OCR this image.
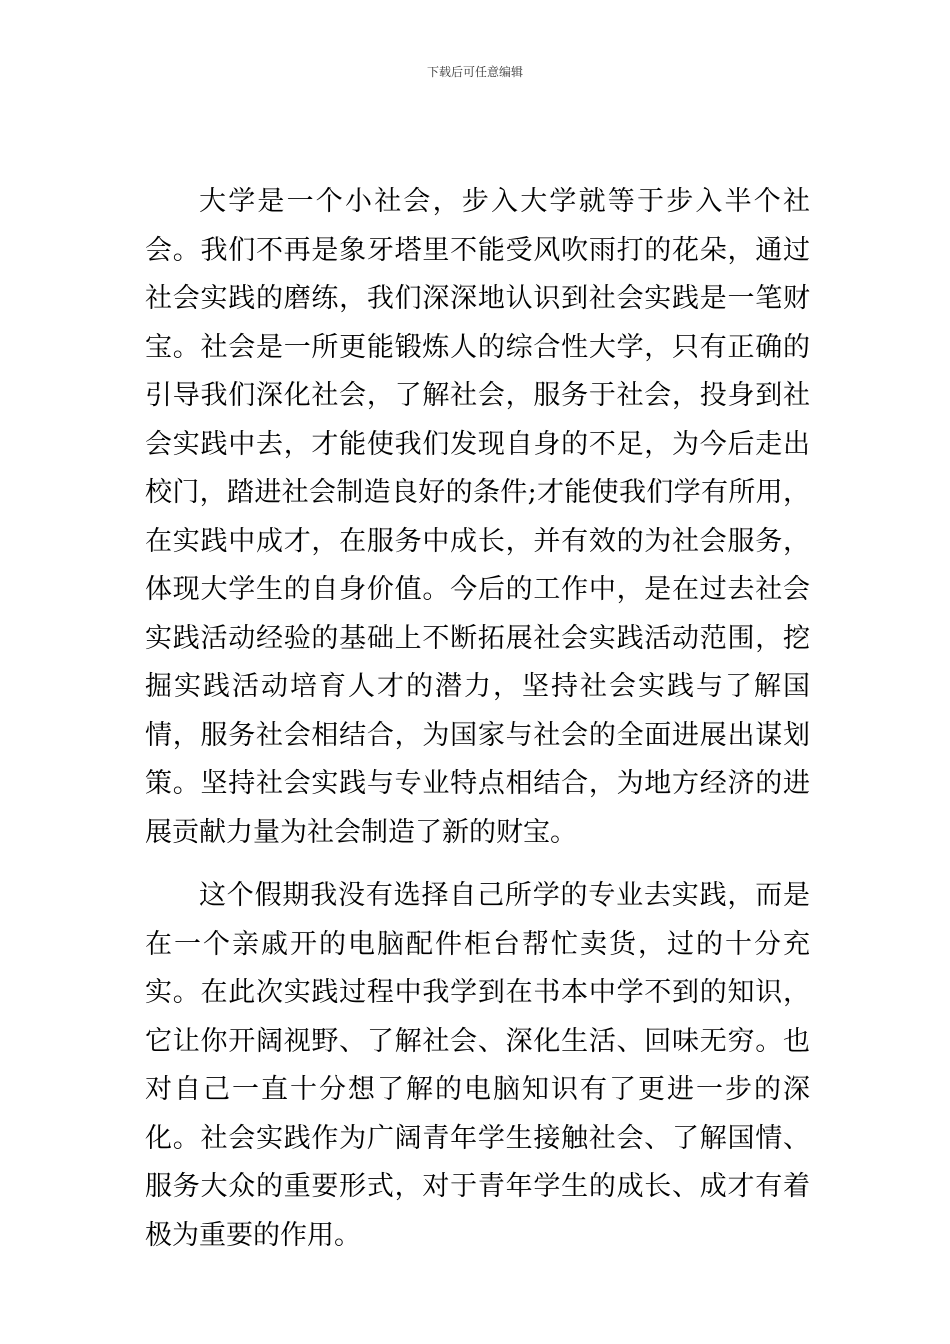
下载后可任意编辑

大学是一个小社会，步入大学就等于步入半个社会。我们不再是象牙塔里不能受风吹雨打的花朵，通过社会实践的磨练，我们深深地认识到社会实践是一笔财宝。社会是一所更能锻炼人的综合性大学，只有正确的引导我们深化社会，了解社会，服务于社会，投身到社会实践中去，才能使我们发现自身的不足，为今后走出校门，踏进社会制造良好的条件;才能使我们学有所用，在实践中成才，在服务中成长，并有效的为社会服务，体现大学生的自身价值。今后的工作中，是在过去社会实践活动经验的基础上不断拓展社会实践活动范围，挖掘实践活动培育人才的潜力，坚持社会实践与了解国情，服务社会相结合，为国家与社会的全面进展出谋划策。坚持社会实践与专业特点相结合，为地方经济的进展贡献力量为社会制造了新的财宝。

这个假期我没有选择自己所学的专业去实践，而是在一个亲戚开的电脑配件柜台帮忙卖货，过的十分充实。在此次实践过程中我学到在书本中学不到的知识，它让你开阔视野、了解社会、深化生活、回味无穷。也对自己一直十分想了解的电脑知识有了更进一步的深化。社会实践作为广阔青年学生接触社会、了解国情、服务大众的重要形式，对于青年学生的成长、成才有着极为重要的作用。
